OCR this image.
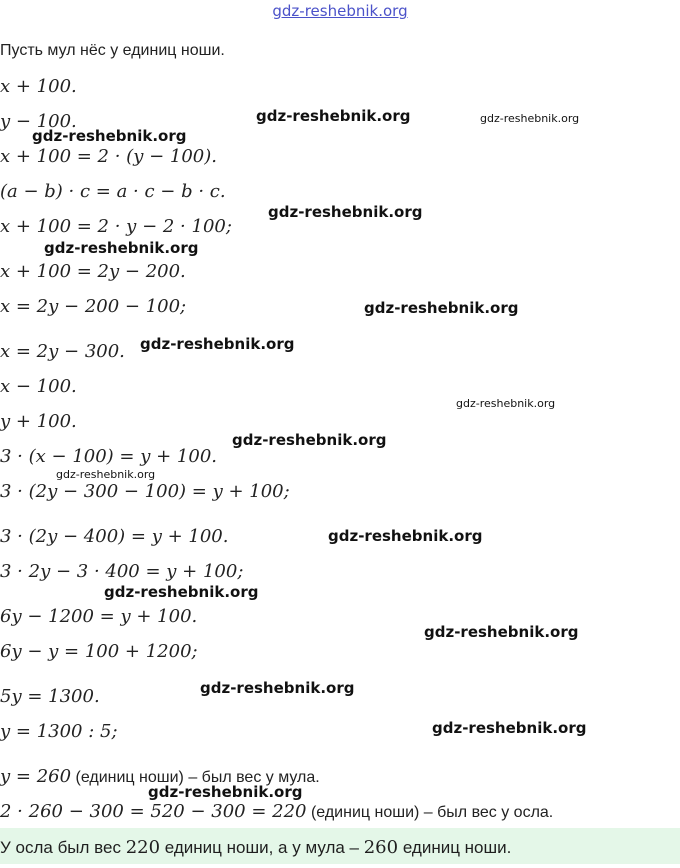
gdz-reshebnik.org
Пусть мул нёс y единиц ноши.
x + 100.
y − 100.
x + 100 = 2 · (y − 100).
(a − b) · c = a · c − b · c.
x + 100 = 2 · y − 2 · 100;
x + 100 = 2y − 200.
x = 2y − 200 − 100;
x = 2y − 300.
x − 100.
y + 100.
3 · (x − 100) = y + 100.
3 · (2y − 300 − 100) = y + 100;
3 · (2y − 400) = y + 100.
3 · 2y − 3 · 400 = y + 100;
6y − 1200 = y + 100.
6y − y = 100 + 1200;
5y = 1300.
y = 1300 : 5;
y = 260 (единиц ноши) – был вес у мула.
2 · 260 − 300 = 520 − 300 = 220 (единиц ноши) – был вес у осла.
У осла был вес 220 единиц ноши, а у мула – 260 единиц ноши.
gdz-reshebnik.org	gdz-reshebnik.org
gdz-reshebnik.org
gdz-reshebnik.org
gdz-reshebnik.org
gdz-reshebnik.org
gdz-reshebnik.org
gdz-reshebnik.org
gdz-reshebnik.org
gdz-reshebnik.org
gdz-reshebnik.org
gdz-reshebnik.org
gdz-reshebnik.org
gdz-reshebnik.org
gdz-reshebnik.org
gdz-reshebnik.org
